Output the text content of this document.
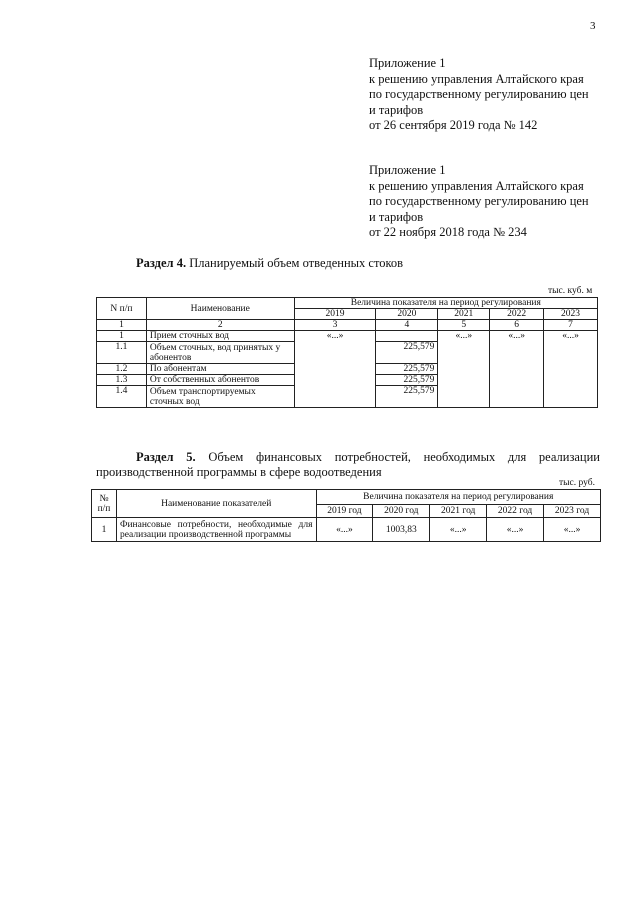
3
Приложение 1
к решению управления Алтайского края
по государственному регулированию цен
и тарифов
от 26 сентября 2019 года № 142
Приложение 1
к решению управления Алтайского края
по государственному регулированию цен
и тарифов
от 22 ноября 2018 года № 234
Раздел 4. Планируемый объем отведенных стоков
тыс. куб. м
N п/п	Наименование	Величина показателя на период регулирования				
		2019	2020	2021	2022	2023
1	2	3	4	5	6	7
1	Прием сточных вод	«...»		«...»	«...»	«...»
1.1	Объем сточных, вод принятых у абонентов		225,579			
1.2	По абонентам		225,579			
1.3	От собственных абонентов		225,579			
1.4	Объем транспортируемых сточных вод		225,579			
Раздел 5. Объем финансовых потребностей, необходимых для реализации
производственной программы в сфере водоотведения
тыс. руб.
№ п/п	Наименование показателей	Величина показателя на период регулирования				
		2019 год	2020 год	2021 год	2022 год	2023 год
1	Финансовые потребности, необходимые для реализации производственной программы	«...»	1003,83	«...»	«...»	«...»
